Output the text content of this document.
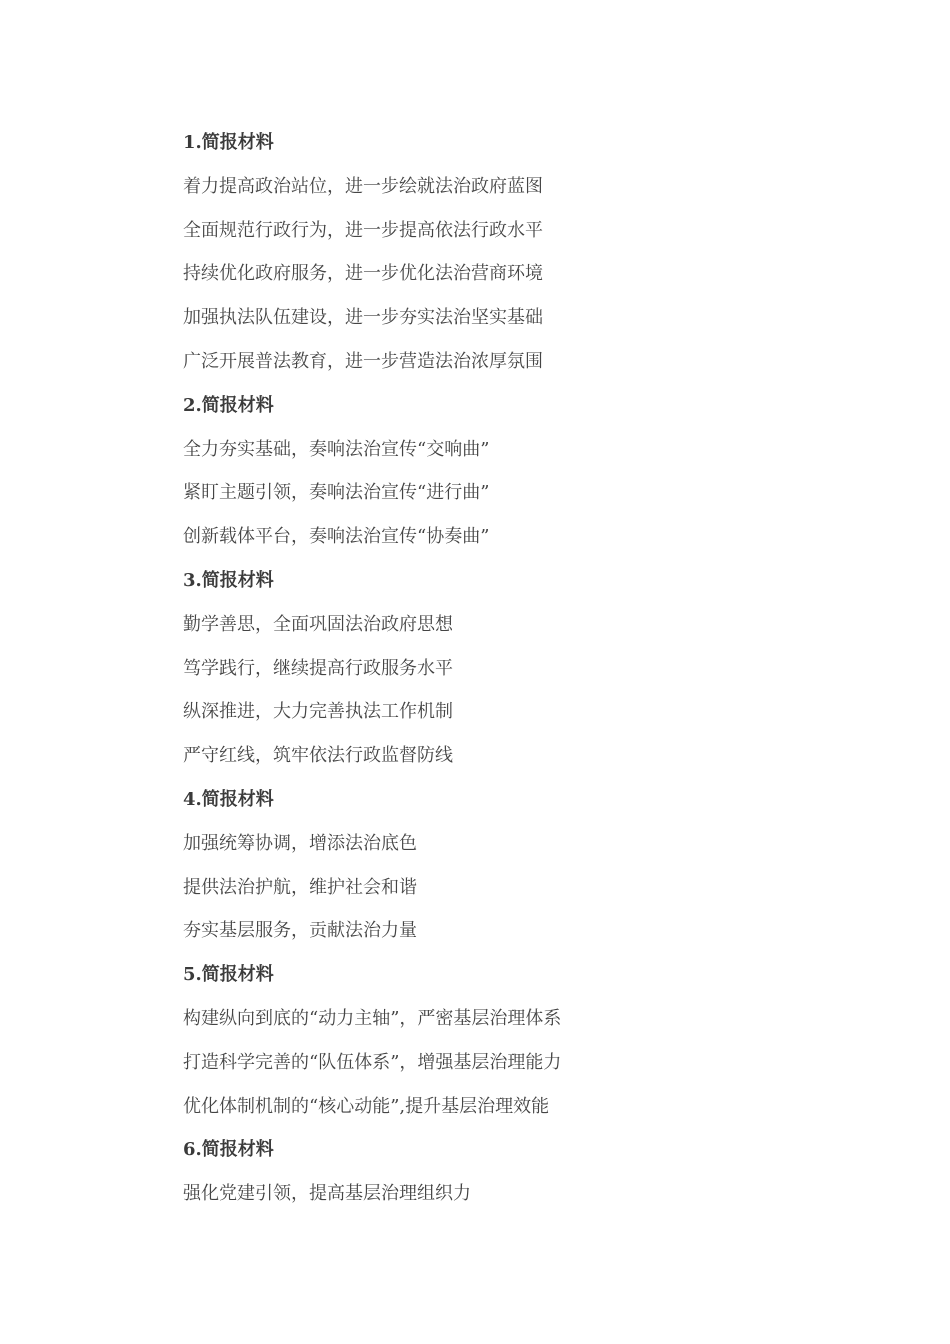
1.简报材料
着力提高政治站位，进一步绘就法治政府蓝图
全面规范行政行为，进一步提高依法行政水平
持续优化政府服务，进一步优化法治营商环境
加强执法队伍建设，进一步夯实法治坚实基础
广泛开展普法教育，进一步营造法治浓厚氛围
2.简报材料
全力夯实基础，奏响法治宣传“交响曲”
紧盯主题引领，奏响法治宣传“进行曲”
创新载体平台，奏响法治宣传“协奏曲”
3.简报材料
勤学善思，全面巩固法治政府思想
笃学践行，继续提高行政服务水平
纵深推进，大力完善执法工作机制
严守红线，筑牢依法行政监督防线
4.简报材料
加强统筹协调，增添法治底色
提供法治护航，维护社会和谐
夯实基层服务，贡献法治力量
5.简报材料
构建纵向到底的“动力主轴”，严密基层治理体系
打造科学完善的“队伍体系”，增强基层治理能力
优化体制机制的“核心动能”,提升基层治理效能
6.简报材料
强化党建引领，提高基层治理组织力
